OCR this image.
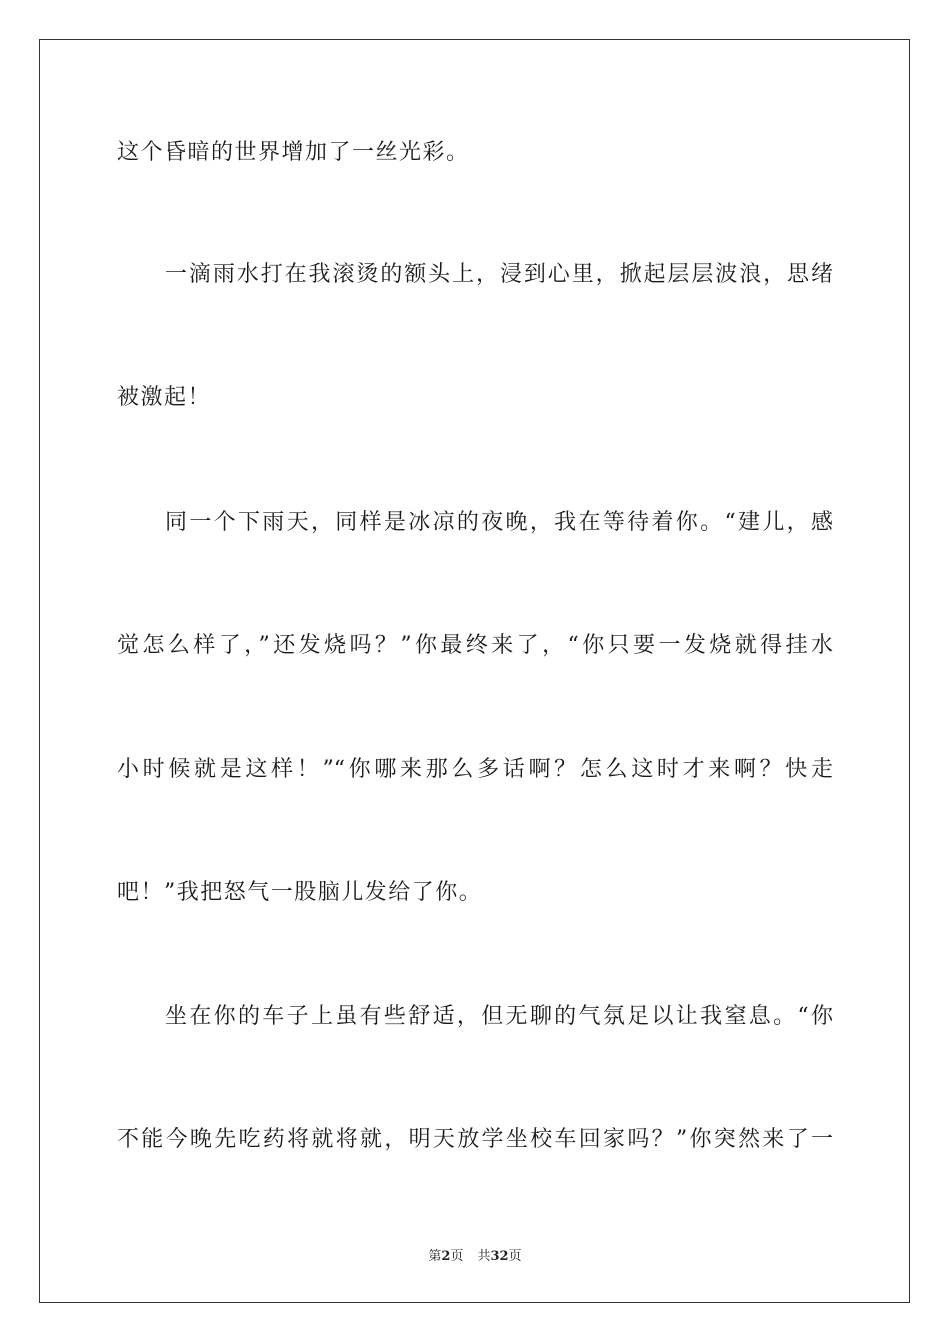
这个昏暗的世界增加了一丝光彩。
一滴雨水打在我滚烫的额头上，浸到心里，掀起层层波浪，思绪
被激起！
同一个下雨天，同样是冰凉的夜晚，我在等待着你。“建儿，感
觉怎么样了，”还发烧吗？”你最终来了，“你只要一发烧就得挂水
小时候就是这样！”“你哪来那么多话啊？怎么这时才来啊？快走
吧！”我把怒气一股脑儿发给了你。
坐在你的车子上虽有些舒适，但无聊的气氛足以让我窒息。“你
不能今晚先吃药将就将就，明天放学坐校车回家吗？”你突然来了一
第2页 共32页
